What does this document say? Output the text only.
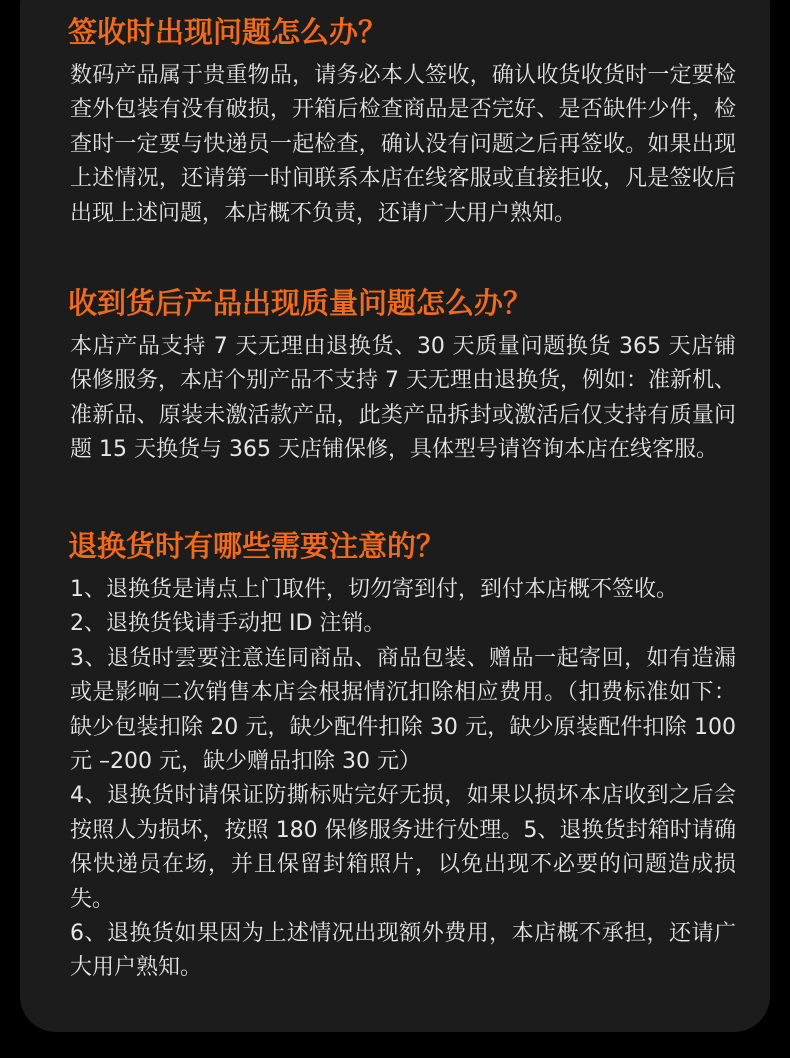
签收时出现问题怎么办？
数码产品属于贵重物品，请务必本人签收，确认收货收货时一定要检查外包装有没有破损，开箱后检查商品是否完好、是否缺件少件，检查时一定要与快递员一起检查，确认没有问题之后再签收。如果出现上述情况，还请第一时间联系本店在线客服或直接拒收，凡是签收后出现上述问题，本店概不负责，还请广大用户熟知。
收到货后产品出现质量问题怎么办？
本店产品支持 7 天无理由退换货、30 天质量问题换货 365 天店铺保修服务，本店个别产品不支持 7 天无理由退换货，例如：准新机、准新品、原装未激活款产品，此类产品拆封或激活后仅支持有质量问题 15 天换货与 365 天店铺保修，具体型号请咨询本店在线客服。
退换货时有哪些需要注意的？

1、退换货是请点上门取件，切勿寄到付，到付本店概不签收。

2、退换货钱请手动把 ID 注销。

3、退货时雲要注意连同商品、商品包装、赠品一起寄回，如有造漏或是影响二次销售本店会根据情沉扣除相应费用。（扣费标准如下：缺少包装扣除 20 元，缺少配件扣除 30 元，缺少原装配件扣除 100 元 –200 元，缺少赠品扣除 30 元）

4、退换货时请保证防撕标贴完好无损，如果以损坏本店收到之后会按照人为损坏，按照 180 保修服务进行处理。5、退换货封箱时请确保快递员在场，并且保留封箱照片，以免出现不必要的问题造成损失。

6、退换货如果因为上述情况出现额外费用，本店概不承担，还请广大用户熟知。
